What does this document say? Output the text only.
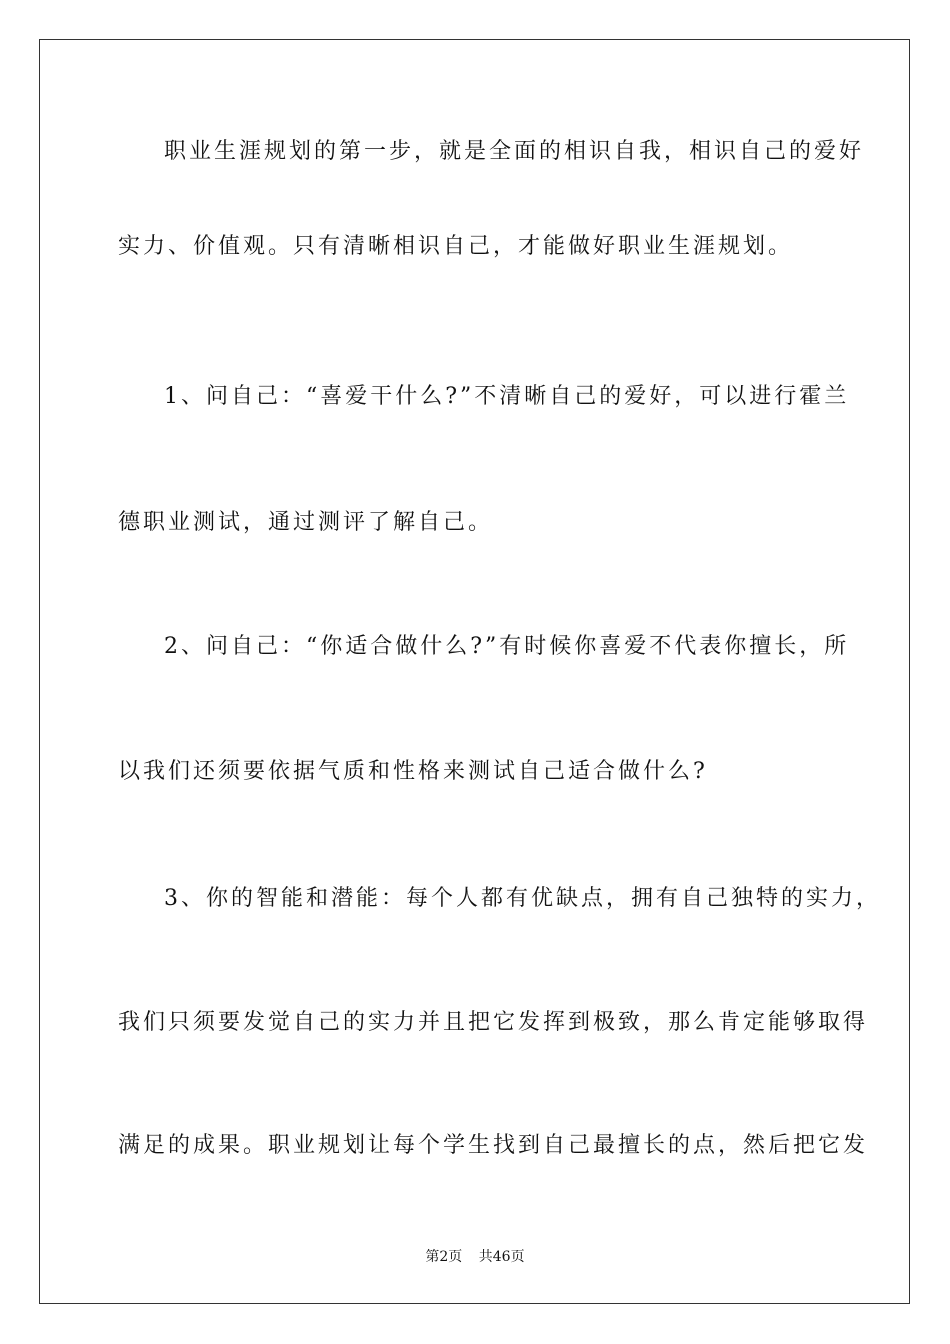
职业生涯规划的第一步，就是全面的相识自我，相识自己的爱好
实力、价值观。只有清晰相识自己，才能做好职业生涯规划。
1、问自己：“喜爱干什么?”不清晰自己的爱好，可以进行霍兰
德职业测试，通过测评了解自己。
2、问自己：“你适合做什么?”有时候你喜爱不代表你擅长，所
以我们还须要依据气质和性格来测试自己适合做什么?
3、你的智能和潜能：每个人都有优缺点，拥有自己独特的实力，
我们只须要发觉自己的实力并且把它发挥到极致，那么肯定能够取得
满足的成果。职业规划让每个学生找到自己最擅长的点，然后把它发
第2页 共46页
